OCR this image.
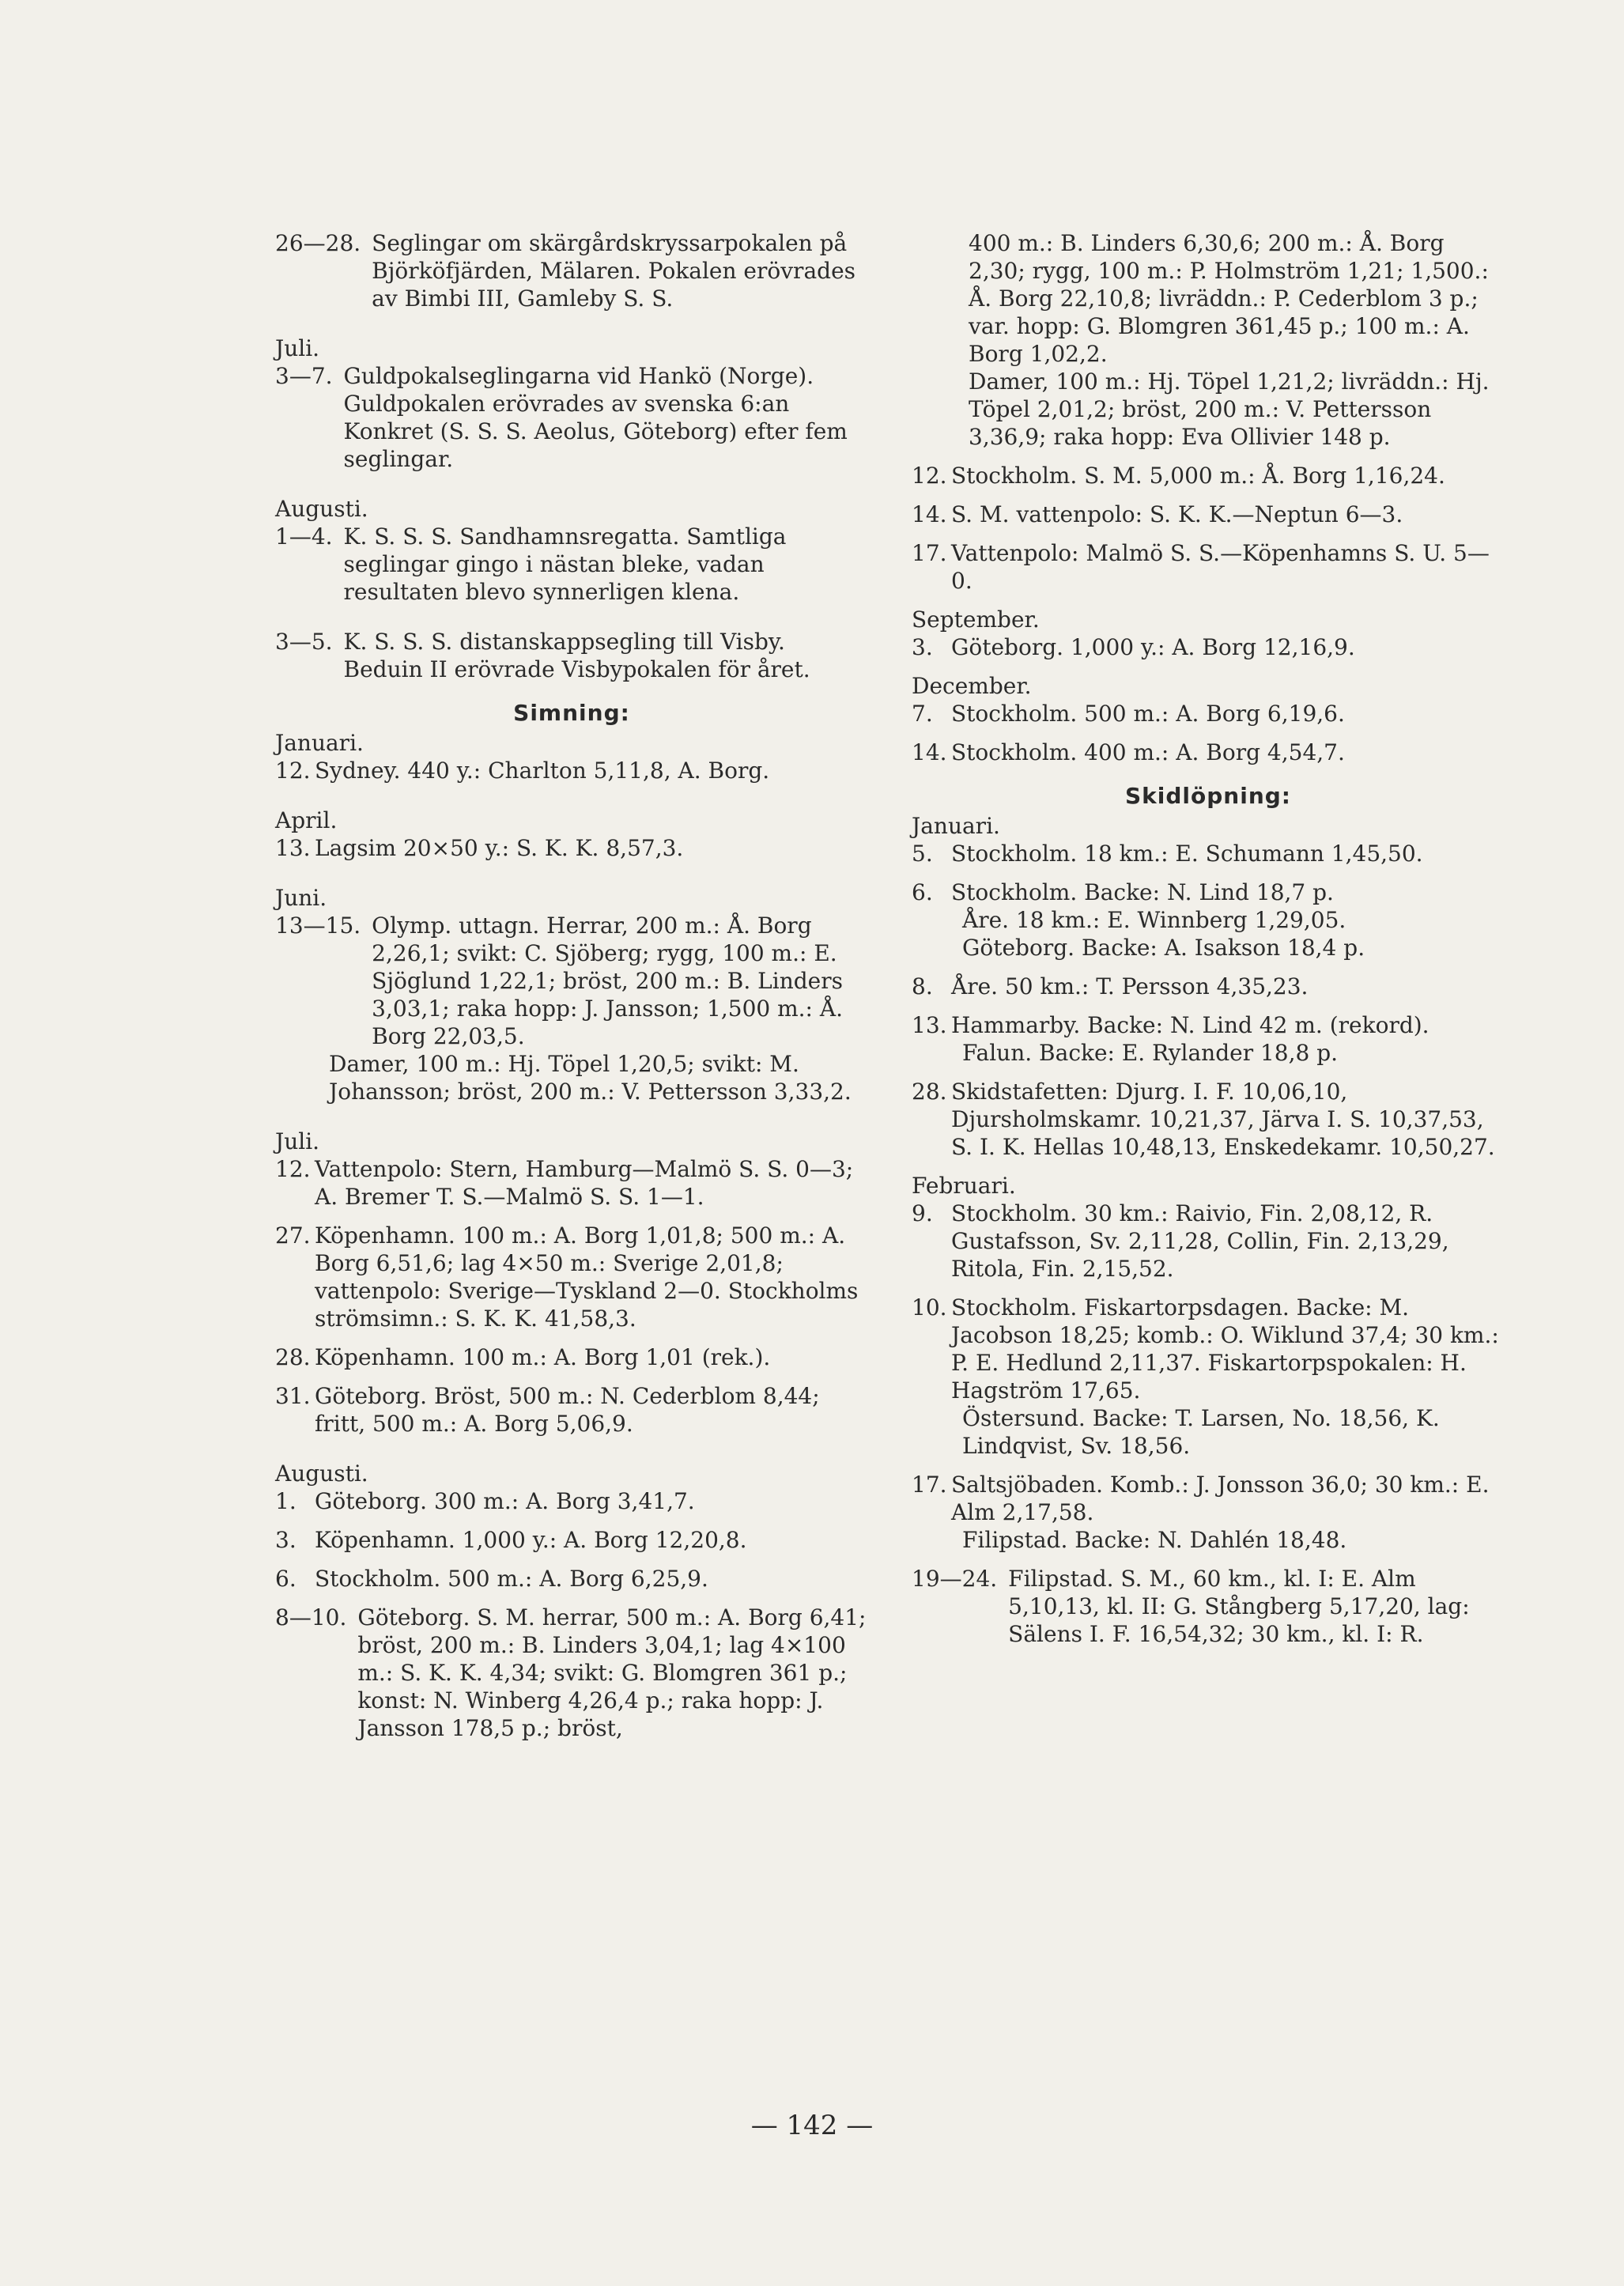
26—28. Seglingar om skärgårdskryssarpokalen på Björköfjärden, Mälaren. Pokalen erövrades av Bimbi III, Gamleby S. S.
Juli.
3—7. Guldpokalseglingarna vid Hankö (Norge). Guldpokalen erövrades av svenska 6:an Konkret (S. S. S. Aeolus, Göteborg) efter fem seglingar.
Augusti.
1—4. K. S. S. S. Sandhamnsregatta. Samtliga seglingar gingo i nästan bleke, vadan resultaten blevo synnerligen klena.
3—5. K. S. S. S. distanskappsegling till Visby. Beduin II erövrade Visbypokalen för året.
Simning:
Januari.
12. Sydney. 440 y.: Charlton 5,11,8, A. Borg.
April.
13. Lagsim 20×50 y.: S. K. K. 8,57,3.
Juni.
13—15. Olymp. uttagn. Herrar, 200 m.: Å. Borg 2,26,1; svikt: C. Sjöberg; rygg, 100 m.: E. Sjöglund 1,22,1; bröst, 200 m.: B. Linders 3,03,1; raka hopp: J. Jansson; 1,500 m.: Å. Borg 22,03,5.
Damer, 100 m.: Hj. Töpel 1,20,5; svikt: M. Johansson; bröst, 200 m.: V. Pettersson 3,33,2.
Juli.
12. Vattenpolo: Stern, Hamburg—Malmö S. S. 0—3; A. Bremer T. S.—Malmö S. S. 1—1.
27. Köpenhamn. 100 m.: A. Borg 1,01,8; 500 m.: A. Borg 6,51,6; lag 4×50 m.: Sverige 2,01,8; vattenpolo: Sverige—Tyskland 2—0. Stockholms strömsimn.: S. K. K. 41,58,3.
28. Köpenhamn. 100 m.: A. Borg 1,01 (rek.).
31. Göteborg. Bröst, 500 m.: N. Cederblom 8,44; fritt, 500 m.: A. Borg 5,06,9.
Augusti.
1. Göteborg. 300 m.: A. Borg 3,41,7.
3. Köpenhamn. 1,000 y.: A. Borg 12,20,8.
6. Stockholm. 500 m.: A. Borg 6,25,9.
8—10. Göteborg. S. M. herrar, 500 m.: A. Borg 6,41; bröst, 200 m.: B. Linders 3,04,1; lag 4×100 m.: S. K. K. 4,34; svikt: G. Blomgren 361 p.; konst: N. Winberg 4,26,4 p.; raka hopp: J. Jansson 178,5 p.; bröst,
400 m.: B. Linders 6,30,6; 200 m.: Å. Borg 2,30; rygg, 100 m.: P. Holmström 1,21; 1,500.: Å. Borg 22,10,8; livräddn.: P. Cederblom 3 p.; var. hopp: G. Blomgren 361,45 p.; 100 m.: A. Borg 1,02,2.
Damer, 100 m.: Hj. Töpel 1,21,2; livräddn.: Hj. Töpel 2,01,2; bröst, 200 m.: V. Pettersson 3,36,9; raka hopp: Eva Ollivier 148 p.
12. Stockholm. S. M. 5,000 m.: Å. Borg 1,16,24.
14. S. M. vattenpolo: S. K. K.—Neptun 6—3.
17. Vattenpolo: Malmö S. S.—Köpenhamns S. U. 5—0.
September.
3. Göteborg. 1,000 y.: A. Borg 12,16,9.
December.
7. Stockholm. 500 m.: A. Borg 6,19,6.
14. Stockholm. 400 m.: A. Borg 4,54,7.
Skidlöpning:
Januari.
5. Stockholm. 18 km.: E. Schumann 1,45,50.
6. Stockholm. Backe: N. Lind 18,7 p.
Åre. 18 km.: E. Winnberg 1,29,05.
Göteborg. Backe: A. Isakson 18,4 p.
8. Åre. 50 km.: T. Persson 4,35,23.
13. Hammarby. Backe: N. Lind 42 m. (rekord).
Falun. Backe: E. Rylander 18,8 p.
28. Skidstafetten: Djurg. I. F. 10,06,10, Djursholmskamr. 10,21,37, Järva I. S. 10,37,53, S. I. K. Hellas 10,48,13, Enskedekamr. 10,50,27.
Februari.
9. Stockholm. 30 km.: Raivio, Fin. 2,08,12, R. Gustafsson, Sv. 2,11,28, Collin, Fin. 2,13,29, Ritola, Fin. 2,15,52.
10. Stockholm. Fiskartorpsdagen. Backe: M. Jacobson 18,25; komb.: O. Wiklund 37,4; 30 km.: P. E. Hedlund 2,11,37. Fiskartorpspokalen: H. Hagström 17,65.
Östersund. Backe: T. Larsen, No. 18,56, K. Lindqvist, Sv. 18,56.
17. Saltsjöbaden. Komb.: J. Jonsson 36,0; 30 km.: E. Alm 2,17,58.
Filipstad. Backe: N. Dahlén 18,48.
19—24. Filipstad. S. M., 60 km., kl. I: E. Alm 5,10,13, kl. II: G. Stångberg 5,17,20, lag: Sälens I. F. 16,54,32; 30 km., kl. I: R.
— 142 —
